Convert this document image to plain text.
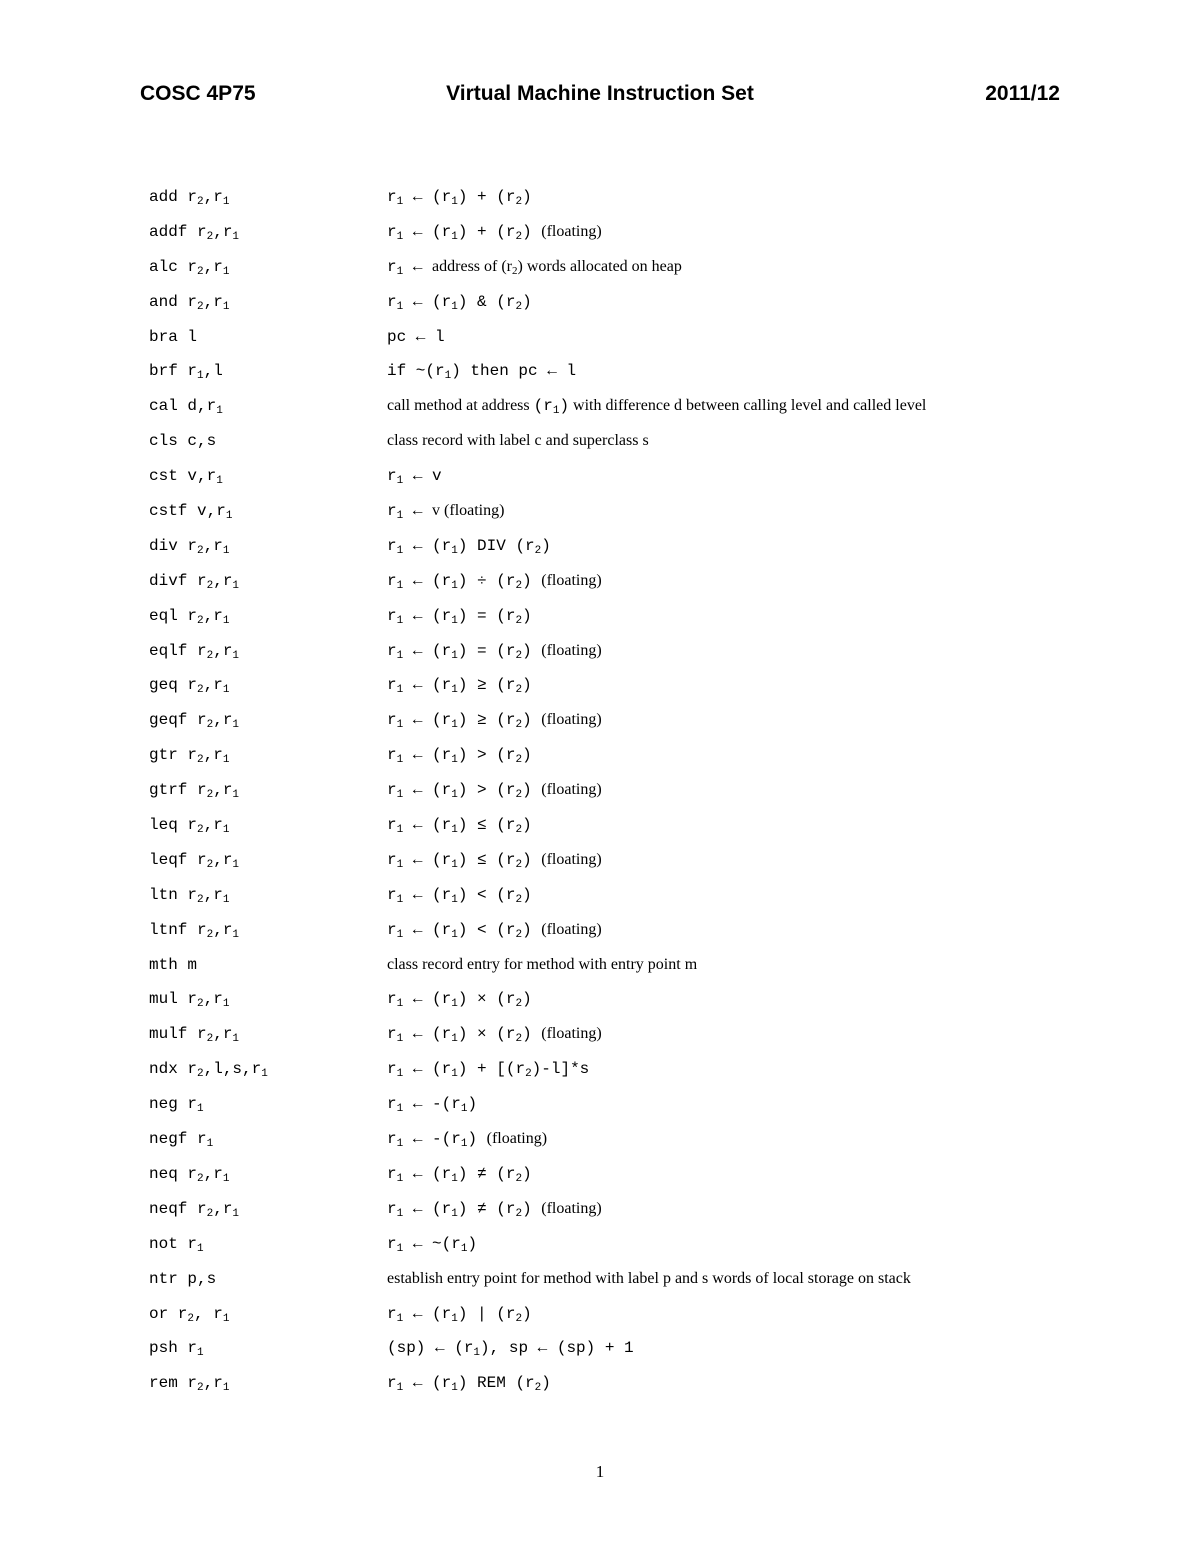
COSC 4P75	Virtual Machine Instruction Set	2011/12
add $r_2,r_1$	$r_1$ ← $(r_1) + (r_2)$
addf $r_2,r_1$	$r_1$ ← $(r_1) + (r_2)$ (floating)
alc $r_2,r_1$	$r_1$ ← address of $(r_2)$ words allocated on heap
and $r_2,r_1$	$r_1$ ← $(r_1)$ & $(r_2)$
bra l	pc ← l
brf $r_1,l$	if $\sim(r_1)$ then pc ← l
cal $d,r_1$	call method at address $(r_1)$ with difference d between calling level and called level
cls c,s	class record with label c and superclass s
cst $v,r_1$	$r_1$ ← v
cstf $v,r_1$	$r_1$ ← v (floating)
div $r_2,r_1$	$r_1$ ← $(r_1)$ DIV $(r_2)$
divf $r_2,r_1$	$r_1$ ← $(r_1) \div (r_2)$ (floating)
eql $r_2,r_1$	$r_1$ ← $(r_1) = (r_2)$
eqlf $r_2,r_1$	$r_1$ ← $(r_1) = (r_2)$ (floating)
geq $r_2,r_1$	$r_1$ ← $(r_1) \ge (r_2)$
geqf $r_2,r_1$	$r_1$ ← $(r_1) \ge (r_2)$ (floating)
gtr $r_2,r_1$	$r_1$ ← $(r_1) > (r_2)$
gtrf $r_2,r_1$	$r_1$ ← $(r_1) > (r_2)$ (floating)
leq $r_2,r_1$	$r_1$ ← $(r_1) \le (r_2)$
leqf $r_2,r_1$	$r_1$ ← $(r_1) \le (r_2)$ (floating)
ltn $r_2,r_1$	$r_1$ ← $(r_1) < (r_2)$
ltnf $r_2,r_1$	$r_1$ ← $(r_1) < (r_2)$ (floating)
mth m	class record entry for method with entry point m
mul $r_2,r_1$	$r_1$ ← $(r_1) \times (r_2)$
mulf $r_2,r_1$	$r_1$ ← $(r_1) \times (r_2)$ (floating)
ndx $r_2,l,s,r_1$	$r_1$ ← $(r_1) + [(r_2)-l]*s$
neg $r_1$	$r_1$ ← $-(r_1)$
negf $r_1$	$r_1$ ← $-(r_1)$ (floating)
neq $r_2,r_1$	$r_1$ ← $(r_1) \ne (r_2)$
neqf $r_2,r_1$	$r_1$ ← $(r_1) \ne (r_2)$ (floating)
not $r_1$	$r_1$ ← $\sim(r_1)$
ntr p,s	establish entry point for method with label p and s words of local storage on stack
or $r_2$, $r_1$	$r_1$ ← $(r_1)$ | $(r_2)$
psh $r_1$	(sp) ← $(r_1)$, sp ← (sp) + 1
rem $r_2,r_1$	$r_1$ ← $(r_1)$ REM $(r_2)$
1
